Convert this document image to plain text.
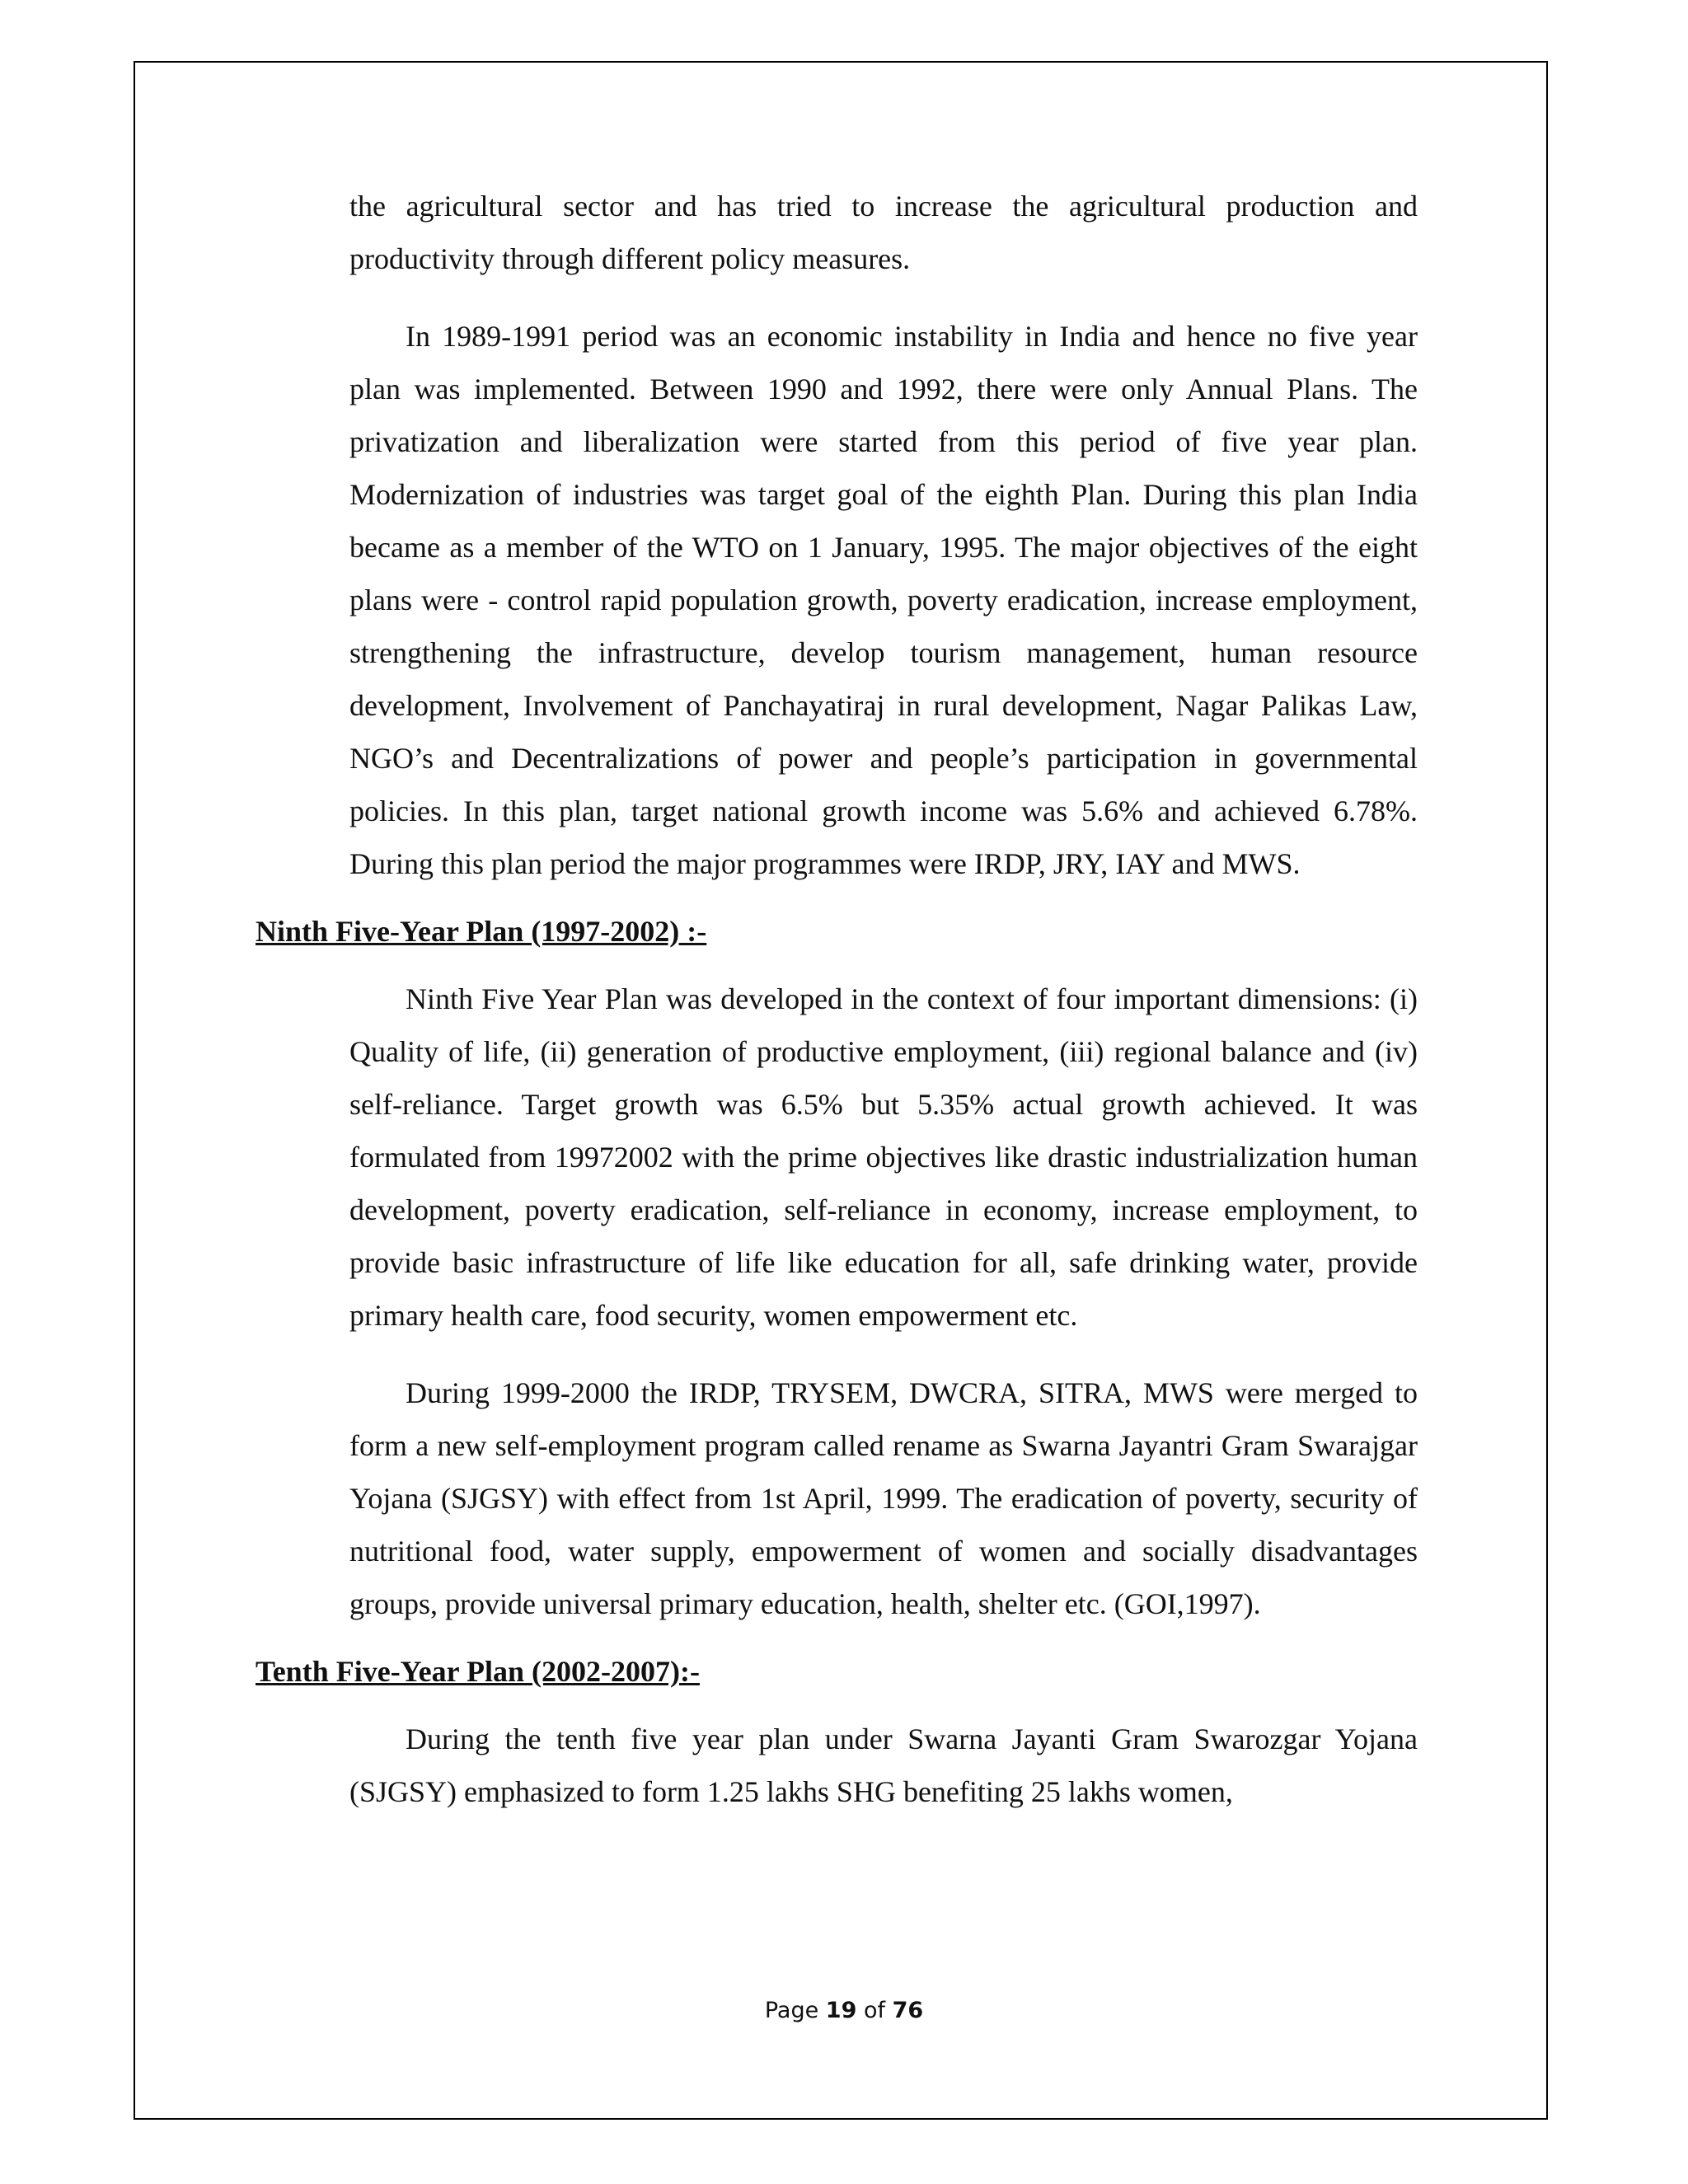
the agricultural sector and has tried to increase the agricultural production and productivity through different policy measures.

In 1989-1991 period was an economic instability in India and hence no five year plan was implemented. Between 1990 and 1992, there were only Annual Plans. The privatization and liberalization were started from this period of five year plan. Modernization of industries was target goal of the eighth Plan. During this plan India became as a member of the WTO on 1 January, 1995. The major objectives of the eight plans were - control rapid population growth, poverty eradication, increase employment, strengthening the infrastructure, develop tourism management, human resource development, Involvement of Panchayatiraj in rural development, Nagar Palikas Law, NGO’s and Decentralizations of power and people’s participation in governmental policies. In this plan, target national growth income was 5.6% and achieved 6.78%. During this plan period the major programmes were IRDP, JRY, IAY and MWS.

Ninth Five-Year Plan (1997-2002) :-

Ninth Five Year Plan was developed in the context of four important dimensions: (i) Quality of life, (ii) generation of productive employment, (iii) regional balance and (iv) self-reliance. Target growth was 6.5% but 5.35% actual growth achieved. It was formulated from 19972002 with the prime objectives like drastic industrialization human development, poverty eradication, self-reliance in economy, increase employment, to provide basic infrastructure of life like education for all, safe drinking water, provide primary health care, food security, women empowerment etc.

During 1999-2000 the IRDP, TRYSEM, DWCRA, SITRA, MWS were merged to form a new self-employment program called rename as Swarna Jayantri Gram Swarajgar Yojana (SJGSY) with effect from 1st April, 1999. The eradication of poverty, security of nutritional food, water supply, empowerment of women and socially disadvantages groups, provide universal primary education, health, shelter etc. (GOI,1997).

Tenth Five-Year Plan (2002-2007):-

During the tenth five year plan under Swarna Jayanti Gram Swarozgar Yojana (SJGSY) emphasized to form 1.25 lakhs SHG benefiting 25 lakhs women,

Page 19 of 76
